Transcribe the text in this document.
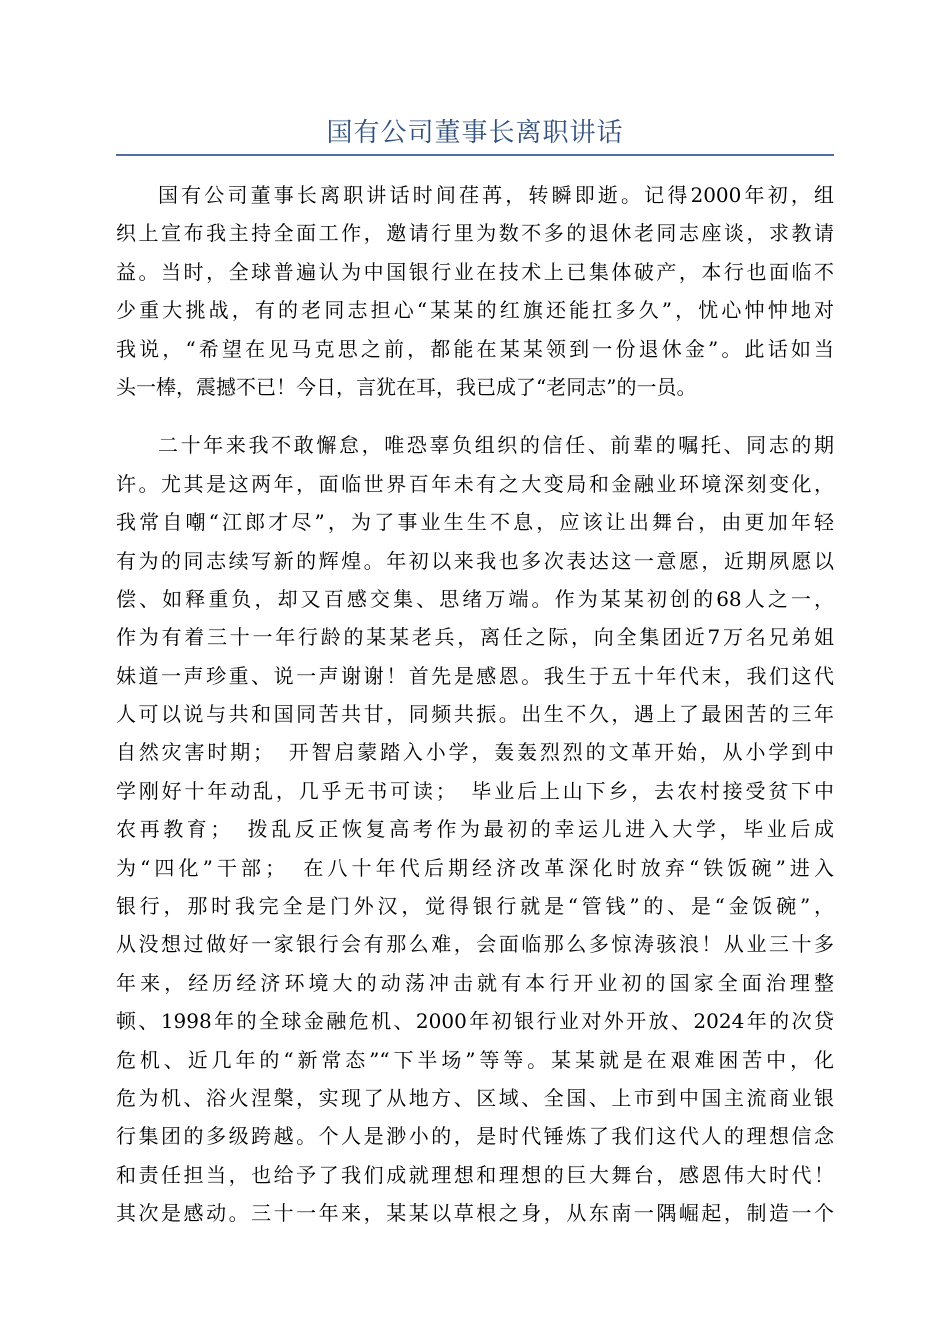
国有公司董事长离职讲话
国有公司董事长离职讲话时间荏苒，转瞬即逝。记得2000年初，组
织上宣布我主持全面工作，邀请行里为数不多的退休老同志座谈，求教请
益。当时，全球普遍认为中国银行业在技术上已集体破产，本行也面临不
少重大挑战，有的老同志担心“某某的红旗还能扛多久”，忧心忡忡地对
我说，“希望在见马克思之前，都能在某某领到一份退休金”。此话如当
头一棒，震撼不已！今日，言犹在耳，我已成了“老同志”的一员。
二十年来我不敢懈怠，唯恐辜负组织的信任、前辈的嘱托、同志的期
许。尤其是这两年，面临世界百年未有之大变局和金融业环境深刻变化，
我常自嘲“江郎才尽”，为了事业生生不息，应该让出舞台，由更加年轻
有为的同志续写新的辉煌。年初以来我也多次表达这一意愿，近期夙愿以
偿、如释重负，却又百感交集、思绪万端。作为某某初创的68人之一，
作为有着三十一年行龄的某某老兵，离任之际，向全集团近7万名兄弟姐
妹道一声珍重、说一声谢谢！首先是感恩。我生于五十年代末，我们这代
人可以说与共和国同苦共甘，同频共振。出生不久，遇上了最困苦的三年
自然灾害时期；　开智启蒙踏入小学，轰轰烈烈的文革开始，从小学到中
学刚好十年动乱，几乎无书可读；　毕业后上山下乡，去农村接受贫下中
农再教育；　拨乱反正恢复高考作为最初的幸运儿进入大学，毕业后成
为“四化”干部；　在八十年代后期经济改革深化时放弃“铁饭碗”进入
银行，那时我完全是门外汉，觉得银行就是“管钱”的、是“金饭碗”，
从没想过做好一家银行会有那么难，会面临那么多惊涛骇浪！从业三十多
年来，经历经济环境大的动荡冲击就有本行开业初的国家全面治理整
顿、1998年的全球金融危机、2000年初银行业对外开放、2024年的次贷
危机、近几年的“新常态”“下半场”等等。某某就是在艰难困苦中，化
危为机、浴火涅槃，实现了从地方、区域、全国、上市到中国主流商业银
行集团的多级跨越。个人是渺小的，是时代锤炼了我们这代人的理想信念
和责任担当，也给予了我们成就理想和理想的巨大舞台，感恩伟大时代！
其次是感动。三十一年来，某某以草根之身，从东南一隅崛起，制造一个
